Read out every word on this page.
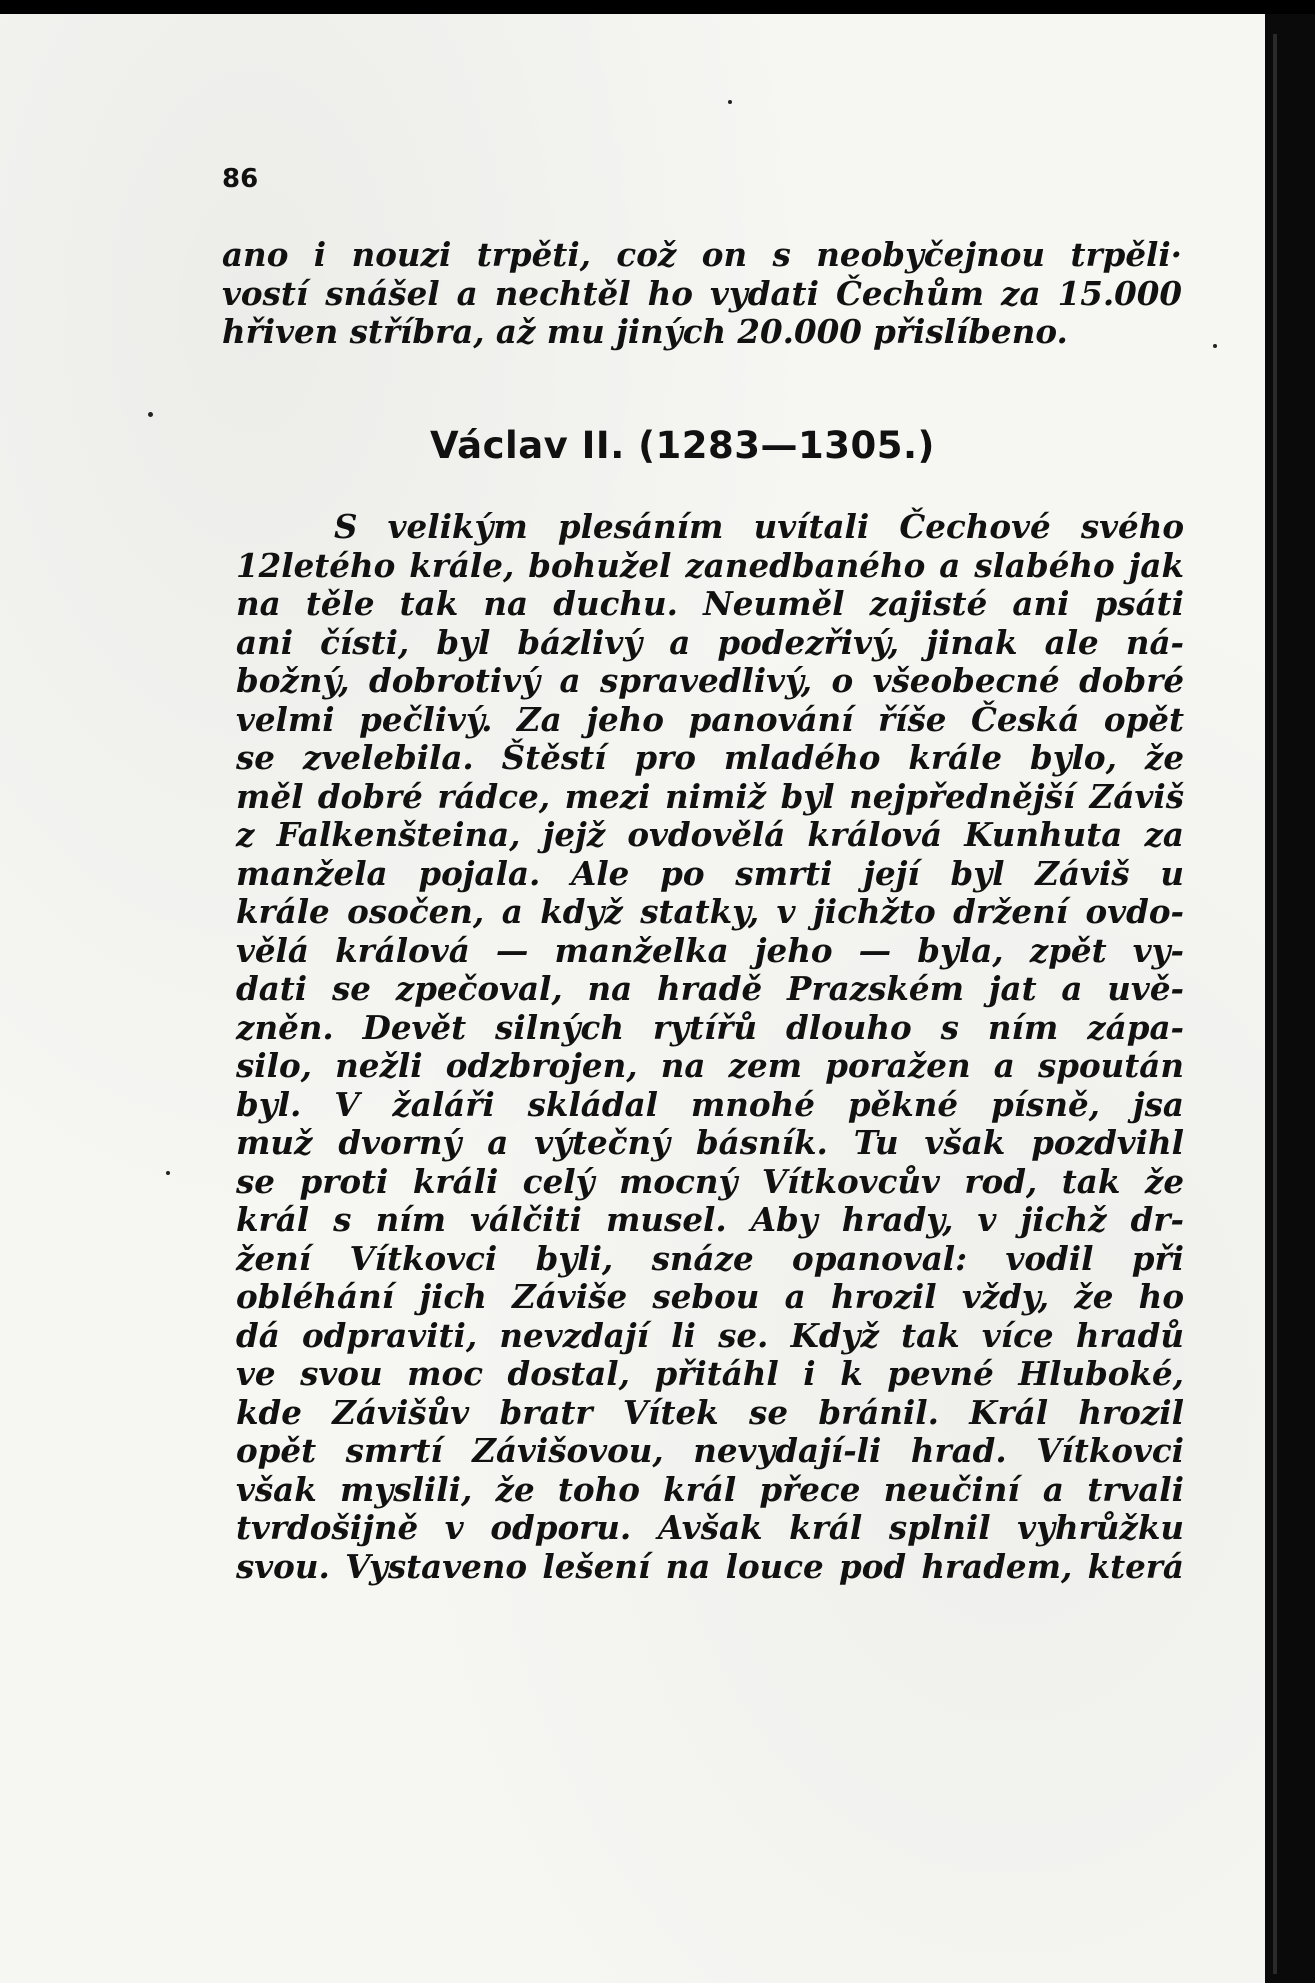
86

ano i nouzi trpěti, což on s neobyčejnou trpěli·
vostí snášel a nechtěl ho vydati Čechům za 15.000
hřiven stříbra, až mu jiných 20.000 přislíbeno.

Václav II. (1283—1305.)

S velikým plesáním uvítali Čechové svého
12letého krále, bohužel zanedbaného a slabého jak
na těle tak na duchu. Neuměl zajisté ani psáti
ani čísti, byl bázlivý a podezřivý, jinak ale ná-
božný, dobrotivý a spravedlivý, o všeobecné dobré
velmi pečlivý. Za jeho panování říše Česká opět
se zvelebila. Štěstí pro mladého krále bylo, že
měl dobré rádce, mezi nimiž byl nejpřednější Záviš
z Falkenšteina, jejž ovdovělá králová Kunhuta za
manžela pojala. Ale po smrti její byl Záviš u
krále osočen, a když statky, v jichžto držení ovdo-
vělá králová — manželka jeho — byla, zpět vy-
dati se zpečoval, na hradě Prazském jat a uvě-
zněn. Devět silných rytířů dlouho s ním zápa-
silo, nežli odzbrojen, na zem poražen a spoután
byl. V žaláři skládal mnohé pěkné písně, jsa
muž dvorný a výtečný básník. Tu však pozdvihl
se proti králi celý mocný Vítkovcův rod, tak že
král s ním válčiti musel. Aby hrady, v jichž dr-
žení Vítkovci byli, snáze opanoval: vodil při
obléhání jich Záviše sebou a hrozil vždy, že ho
dá odpraviti, nevzdají li se. Když tak více hradů
ve svou moc dostal, přitáhl i k pevné Hluboké,
kde Závišův bratr Vítek se bránil. Král hrozil
opět smrtí Závišovou, nevydají-li hrad. Vítkovci
však myslili, že toho král přece neučiní a trvali
tvrdošijně v odporu. Avšak král splnil vyhrůžku
svou. Vystaveno lešení na louce pod hradem, která
